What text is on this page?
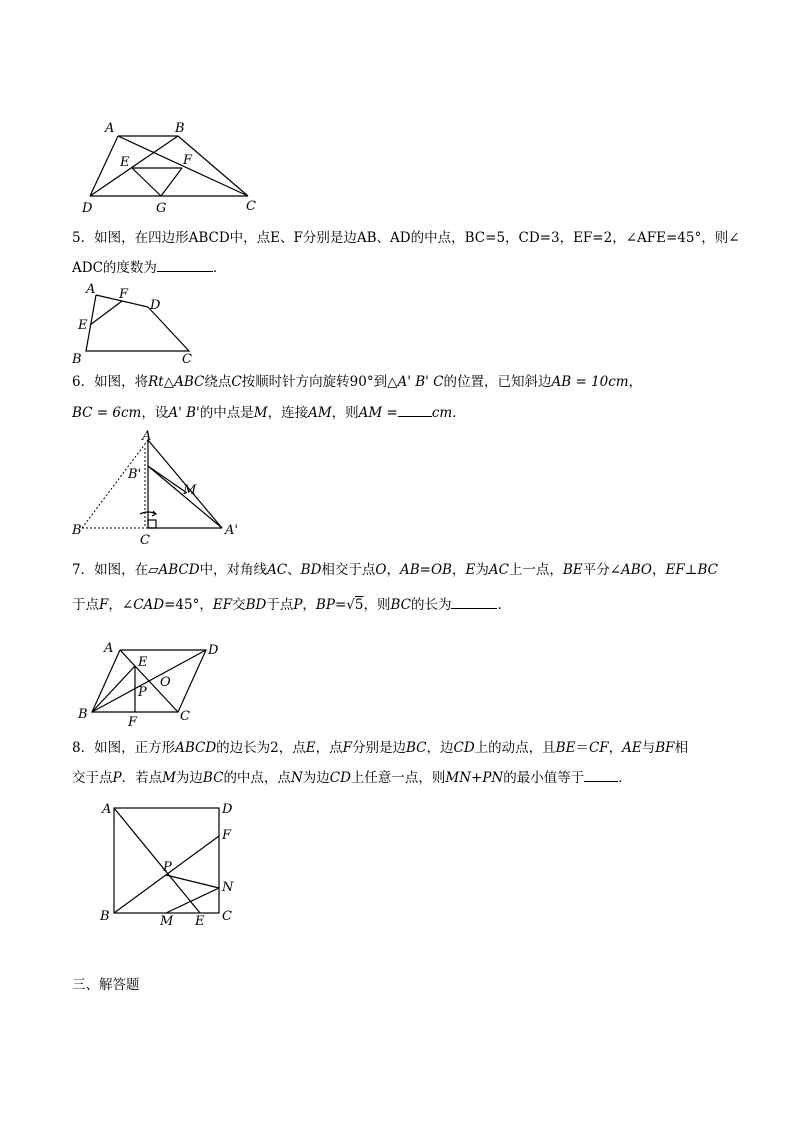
A	B
E	F
D	G	C
5．如图，在四边形ABCD中，点E、F分别是边AB、AD的中点，BC=5，CD=3，EF=2，∠AFE=45°，则∠
ADC的度数为	．
A F
D
E
B	C
6．如图，将Rt△ABC绕点C按顺时针方向旋转90°到△A' B' C的位置，已知斜边AB = 10cm，
BC = 6cm，设A' B'的中点是M，连接AM，则AM =	cm．
A
B'
M
B
C
A'
7．如图，在▱ABCD中，对角线AC、BD相交于点O，AB=OB，E为AC上一点，BE平分∠ABO，EF⊥BC
于点F，∠CAD=45°，EF交BD于点P，BP=√5，则BC的长为	．
A	D
E
O
P
B
F	C
8．如图，正方形ABCD的边长为2，点E，点F分别是边BC，边CD上的动点，且BE＝CF，AE与BF相
交于点P．若点M为边BC的中点，点N为边CD上任意一点，则MN+PN的最小值等于	．
A	D
F
P
N
B	M E C
三、解答题
